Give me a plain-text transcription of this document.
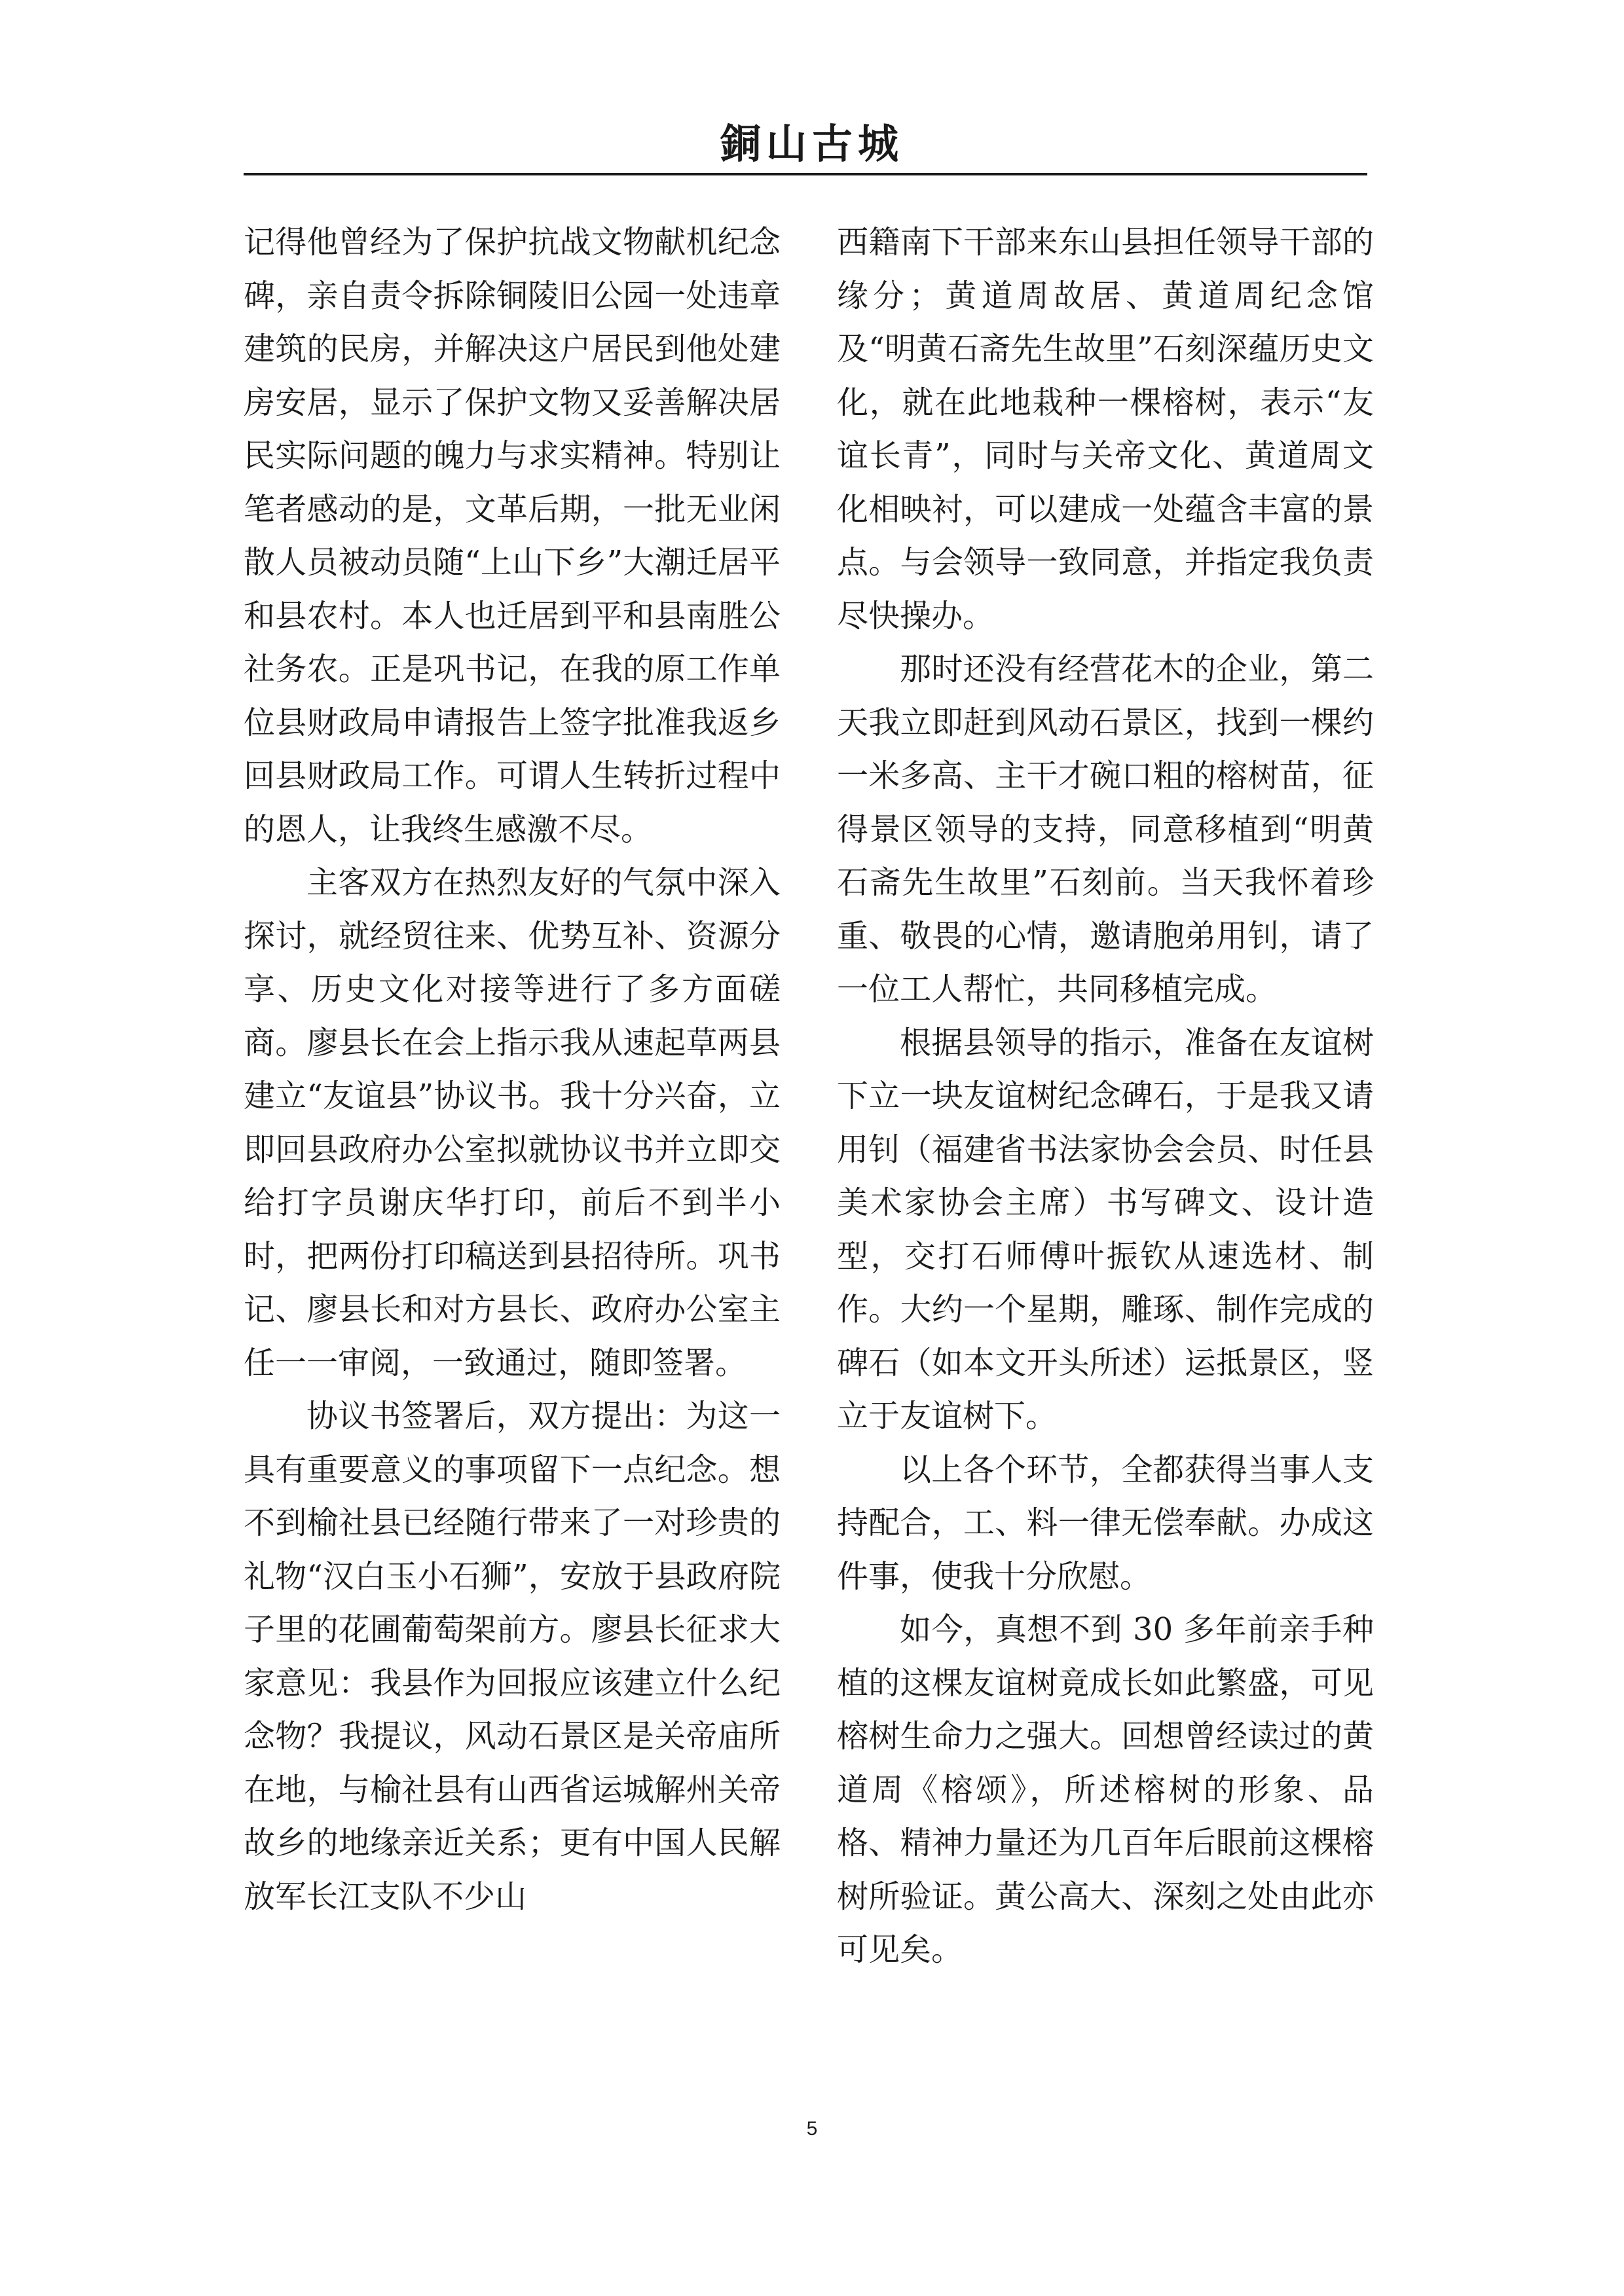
銅山古城

记得他曾经为了保护抗战文物献机纪念碑，亲自责令拆除铜陵旧公园一处违章建筑的民房，并解决这户居民到他处建房安居，显示了保护文物又妥善解决居民实际问题的魄力与求实精神。特别让笔者感动的是，文革后期，一批无业闲散人员被动员随“上山下乡”大潮迁居平和县农村。本人也迁居到平和县南胜公社务农。正是巩书记，在我的原工作单位县财政局申请报告上签字批准我返乡回县财政局工作。可谓人生转折过程中的恩人，让我终生感激不尽。

主客双方在热烈友好的气氛中深入探讨，就经贸往来、优势互补、资源分享、历史文化对接等进行了多方面磋商。廖县长在会上指示我从速起草两县建立“友谊县”协议书。我十分兴奋，立即回县政府办公室拟就协议书并立即交给打字员谢庆华打印，前后不到半小时，把两份打印稿送到县招待所。巩书记、廖县长和对方县长、政府办公室主任一一审阅，一致通过，随即签署。

协议书签署后，双方提出：为这一具有重要意义的事项留下一点纪念。想不到榆社县已经随行带来了一对珍贵的礼物“汉白玉小石狮”，安放于县政府院子里的花圃葡萄架前方。廖县长征求大家意见：我县作为回报应该建立什么纪念物？我提议，风动石景区是关帝庙所在地，与榆社县有山西省运城解州关帝故乡的地缘亲近关系；更有中国人民解放军长江支队不少山

西籍南下干部来东山县担任领导干部的缘分；黄道周故居、黄道周纪念馆及“明黄石斋先生故里”石刻深蕴历史文化，就在此地栽种一棵榕树，表示“友谊长青”，同时与关帝文化、黄道周文化相映衬，可以建成一处蕴含丰富的景点。与会领导一致同意，并指定我负责尽快操办。

那时还没有经营花木的企业，第二天我立即赶到风动石景区，找到一棵约一米多高、主干才碗口粗的榕树苗，征得景区领导的支持，同意移植到“明黄石斋先生故里”石刻前。当天我怀着珍重、敬畏的心情，邀请胞弟用钊，请了一位工人帮忙，共同移植完成。

根据县领导的指示，准备在友谊树下立一块友谊树纪念碑石，于是我又请用钊（福建省书法家协会会员、时任县美术家协会主席）书写碑文、设计造型，交打石师傅叶振钦从速选材、制作。大约一个星期，雕琢、制作完成的碑石（如本文开头所述）运抵景区，竖立于友谊树下。

以上各个环节，全都获得当事人支持配合，工、料一律无偿奉献。办成这件事，使我十分欣慰。

如今，真想不到 30 多年前亲手种植的这棵友谊树竟成长如此繁盛，可见榕树生命力之强大。回想曾经读过的黄道周《榕颂》，所述榕树的形象、品格、精神力量还为几百年后眼前这棵榕树所验证。黄公高大、深刻之处由此亦可见矣。

5
